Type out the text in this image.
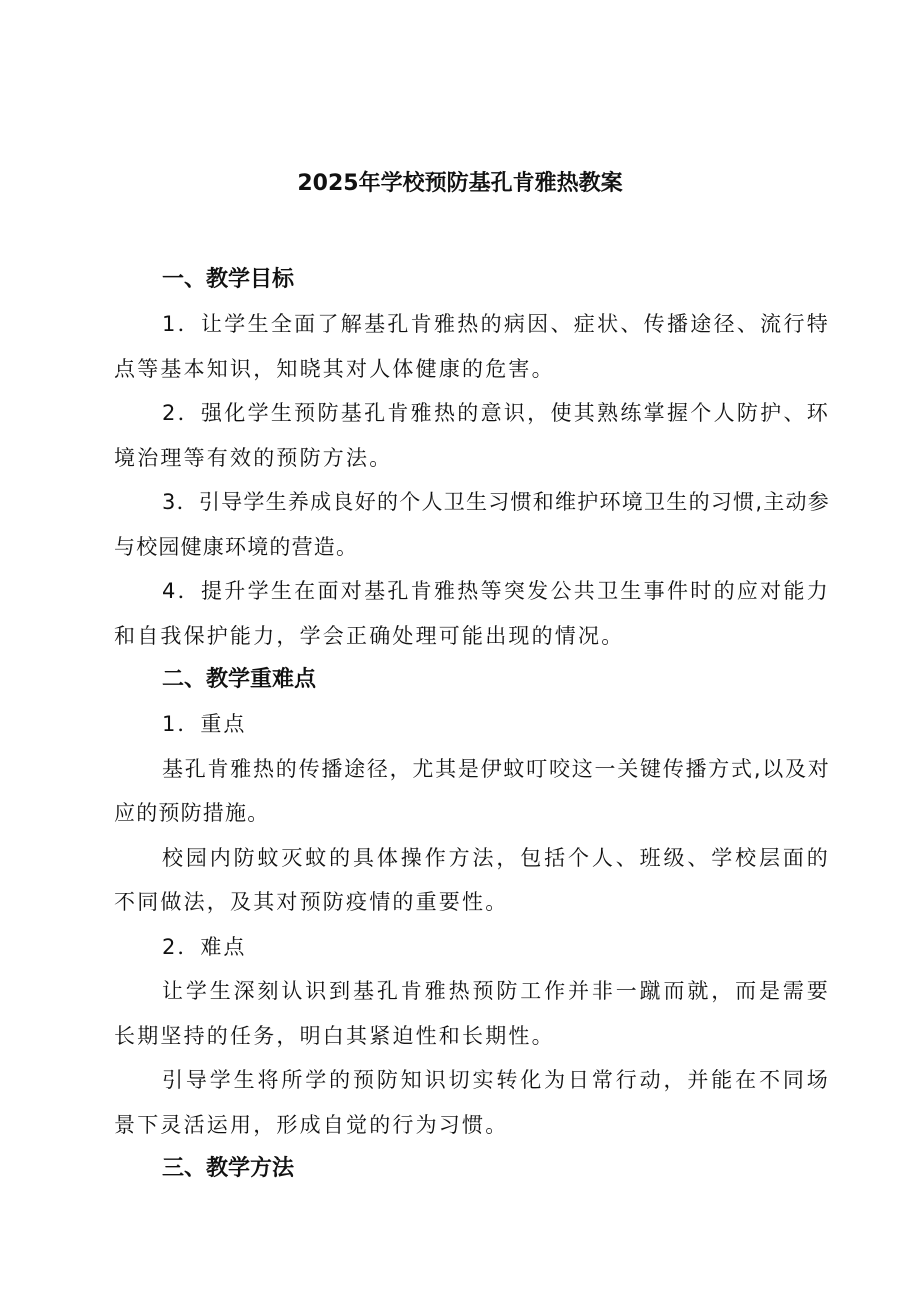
2025年学校预防基孔肯雅热教案
一、教学目标

1．让学生全面了解基孔肯雅热的病因、症状、传播途径、流行特点等基本知识，知晓其对人体健康的危害。

2．强化学生预防基孔肯雅热的意识，使其熟练掌握个人防护、环境治理等有效的预防方法。

3．引导学生养成良好的个人卫生习惯和维护环境卫生的习惯,主动参与校园健康环境的营造。

4．提升学生在面对基孔肯雅热等突发公共卫生事件时的应对能力和自我保护能力，学会正确处理可能出现的情况。

二、教学重难点
1．重点

基孔肯雅热的传播途径，尤其是伊蚊叮咬这一关键传播方式,以及对应的预防措施。

校园内防蚊灭蚊的具体操作方法，包括个人、班级、学校层面的不同做法，及其对预防疫情的重要性。

2．难点

让学生深刻认识到基孔肯雅热预防工作并非一蹴而就，而是需要长期坚持的任务，明白其紧迫性和长期性。

引导学生将所学的预防知识切实转化为日常行动，并能在不同场景下灵活运用，形成自觉的行为习惯。

三、教学方法
